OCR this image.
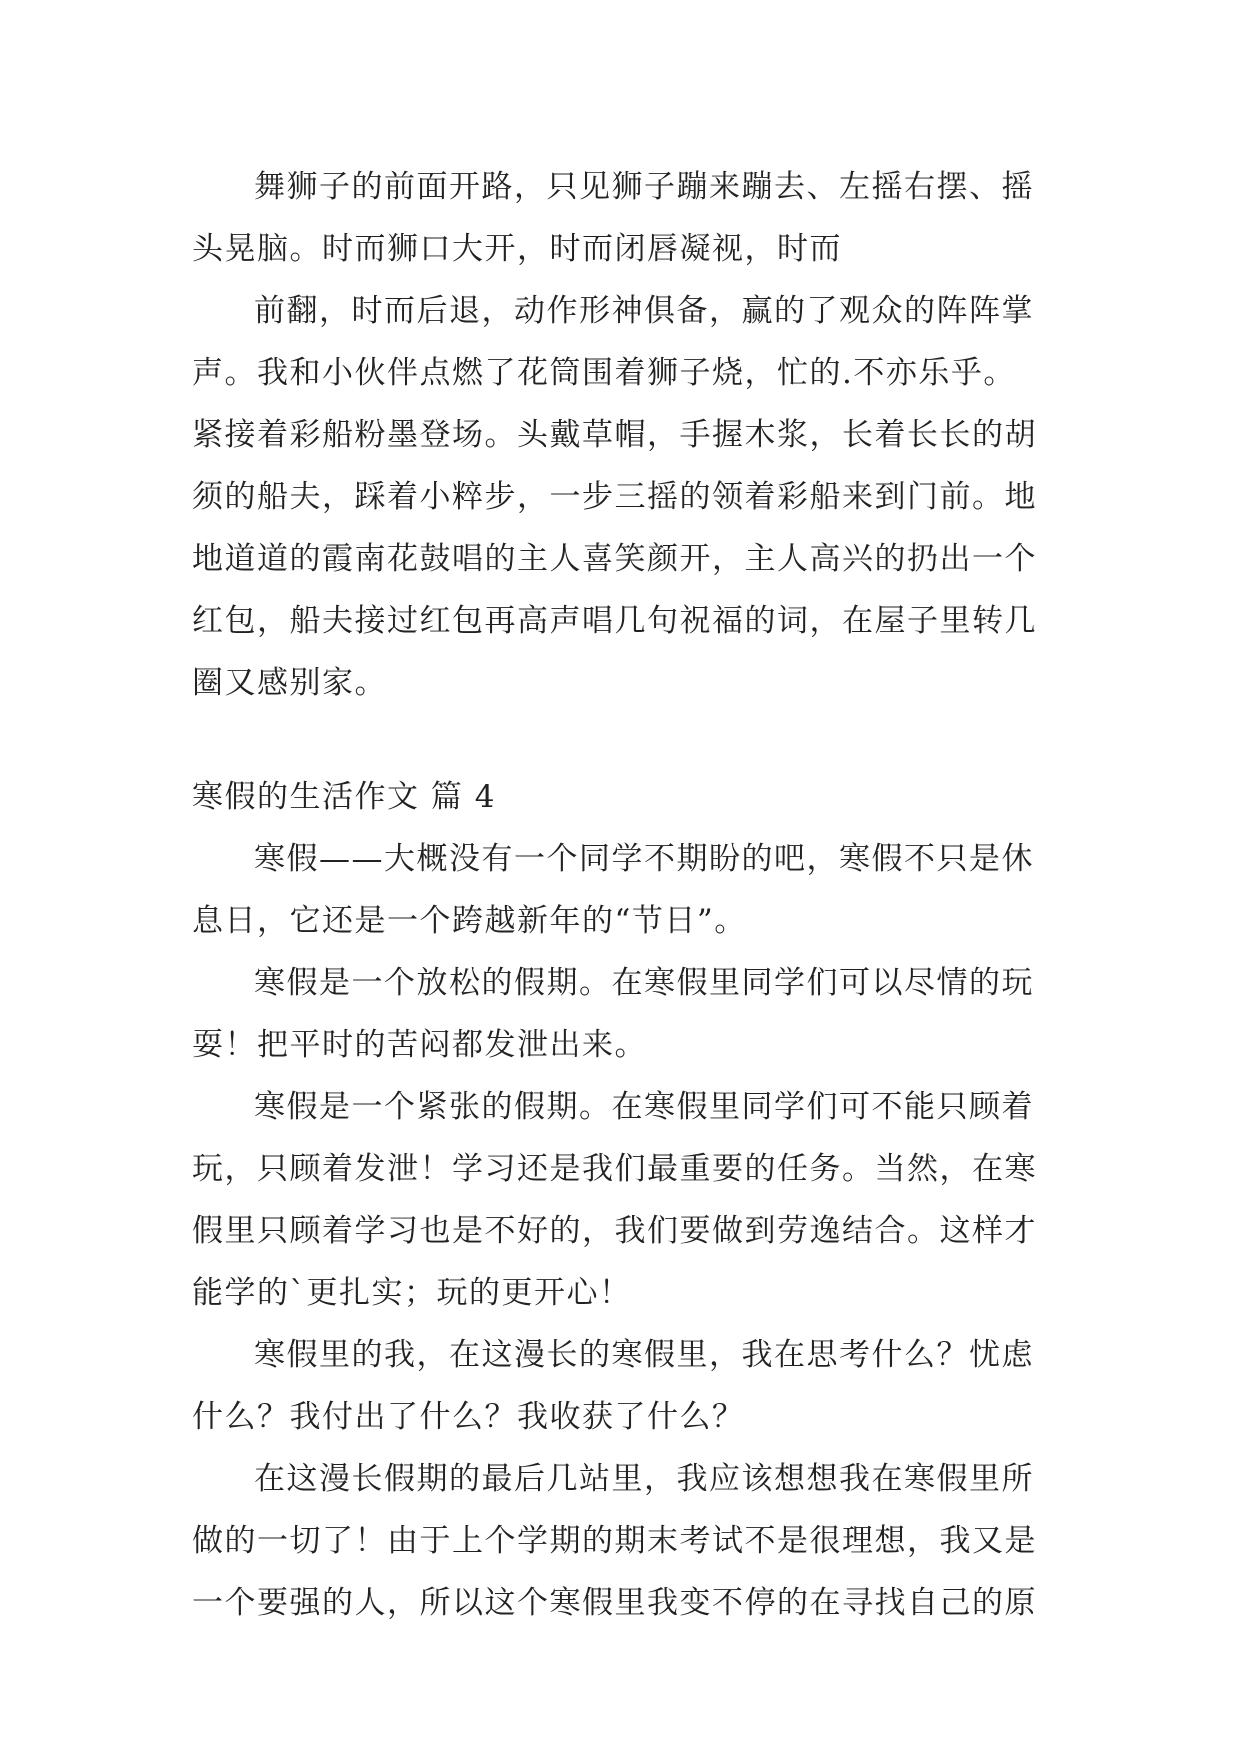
舞狮子的前面开路，只见狮子蹦来蹦去、左摇右摆、摇
头晃脑。时而狮口大开，时而闭唇凝视，时而
前翻，时而后退，动作形神俱备，赢的了观众的阵阵掌
声。我和小伙伴点燃了花筒围着狮子烧，忙的.不亦乐乎。
紧接着彩船粉墨登场。头戴草帽，手握木浆，长着长长的胡
须的船夫，踩着小粹步，一步三摇的领着彩船来到门前。地
地道道的霞南花鼓唱的主人喜笑颜开，主人高兴的扔出一个
红包，船夫接过红包再高声唱几句祝福的词，在屋子里转几
圈又感别家。
寒假的生活作文 篇 4
寒假——大概没有一个同学不期盼的吧，寒假不只是休
息日，它还是一个跨越新年的“节日”。
寒假是一个放松的假期。在寒假里同学们可以尽情的玩
耍！把平时的苦闷都发泄出来。
寒假是一个紧张的假期。在寒假里同学们可不能只顾着
玩，只顾着发泄！学习还是我们最重要的任务。当然，在寒
假里只顾着学习也是不好的，我们要做到劳逸结合。这样才
能学的`更扎实；玩的更开心！
寒假里的我，在这漫长的寒假里，我在思考什么？忧虑
什么？我付出了什么？我收获了什么？
在这漫长假期的最后几站里，我应该想想我在寒假里所
做的一切了！由于上个学期的期末考试不是很理想，我又是
一个要强的人，所以这个寒假里我变不停的在寻找自己的原
